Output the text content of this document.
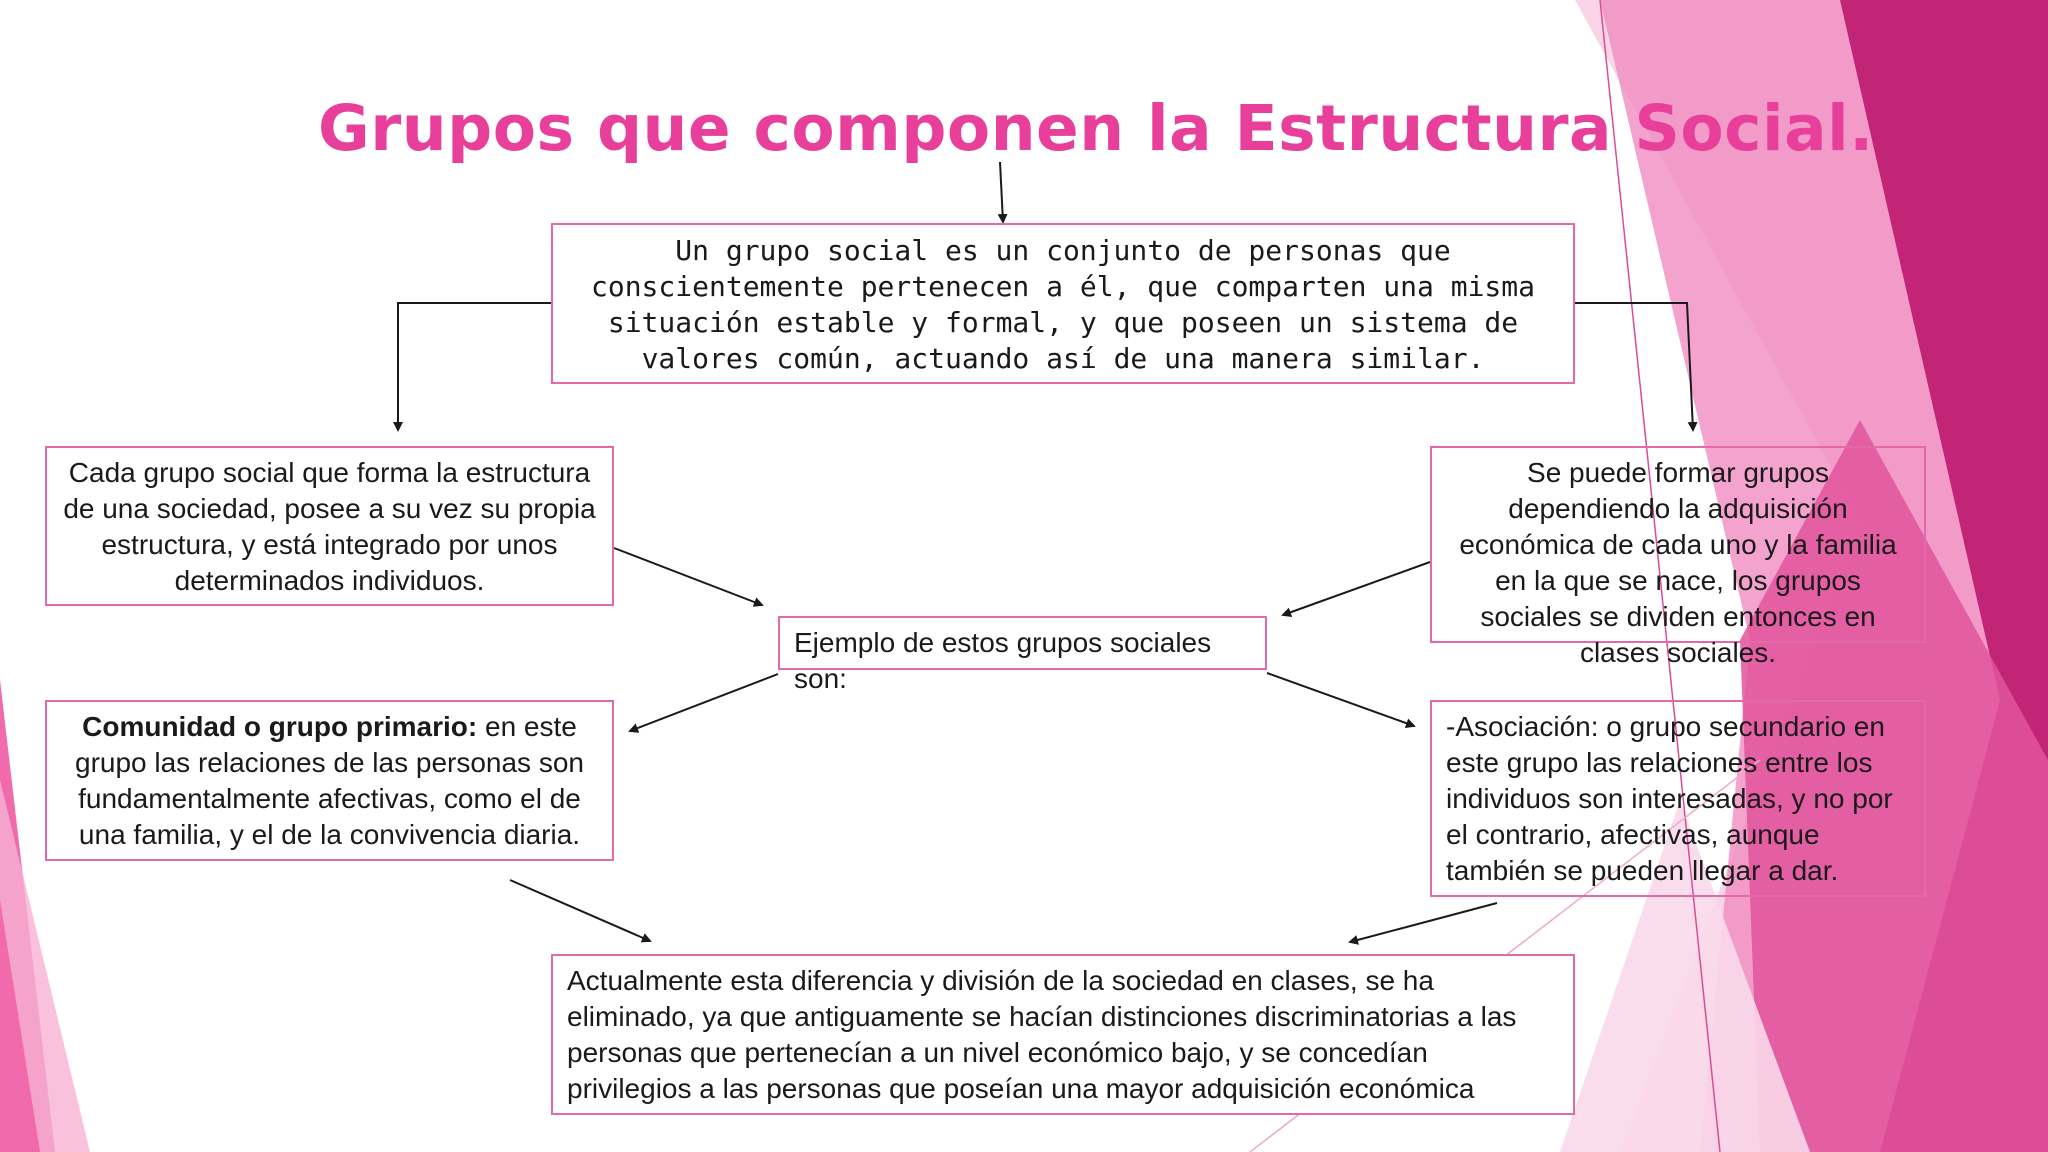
Grupos que componen la Estructura Social.
Un grupo social es un conjunto de personas que conscientemente pertenecen a él, que comparten una misma situación estable y formal, y que poseen un sistema de valores común, actuando así de una manera similar.
Cada grupo social que forma la estructura de una sociedad, posee a su vez su propia estructura, y está integrado por unos determinados individuos.
Se puede formar grupos dependiendo la adquisición económica de cada uno y la familia en la que se nace, los grupos sociales se dividen entonces en clases sociales.
Ejemplo de estos grupos sociales son:
Comunidad o grupo primario: en este grupo las relaciones de las personas son fundamentalmente afectivas, como el de una familia, y el de la convivencia diaria.
-Asociación: o grupo secundario en este grupo las relaciones entre los individuos son interesadas, y no por el contrario, afectivas, aunque también se pueden llegar a dar.
Actualmente esta diferencia y división de la sociedad en clases, se ha eliminado, ya que antiguamente se hacían distinciones discriminatorias a las personas que pertenecían a un nivel económico bajo, y se concedían privilegios a las personas que poseían una mayor adquisición económica
